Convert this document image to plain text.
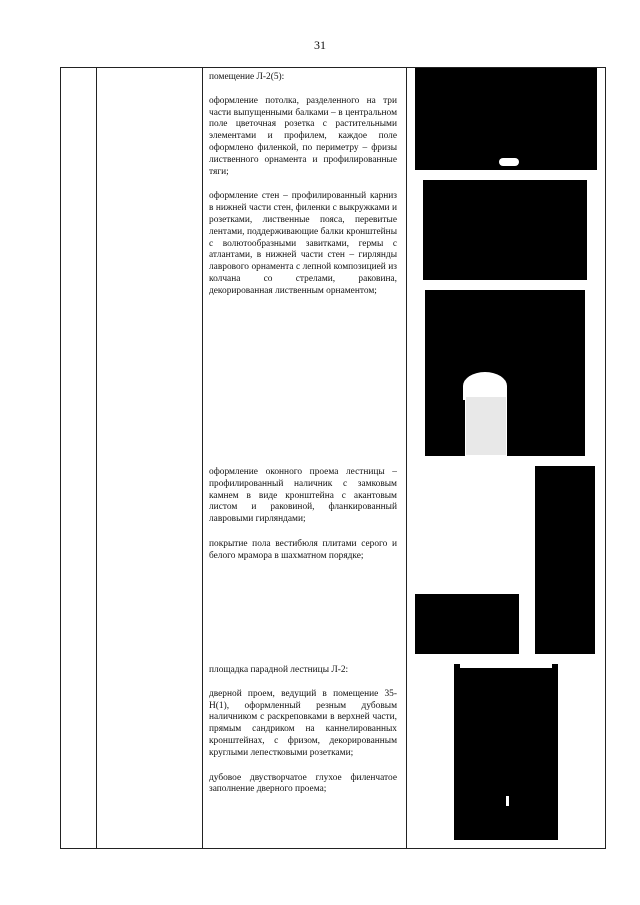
31

помещение Л-2(5):

оформление потолка, разделенного на три части выпущенными балками – в центральном поле цветочная розетка с растительными элементами и профилем, каждое поле оформлено филенкой, по периметру – фризы лиственного орнамента и профилированные тяги;

оформление стен – профилированный карниз в нижней части стен, филенки с выкружками и розетками, лиственные пояса, перевитые лентами, поддерживающие балки кронштейны с волютообразными завитками, гермы с атлантами, в нижней части стен – гирлянды лаврового орнамента с лепной композицией из колчана со стрелами, раковина, декорированная лиственным орнаментом;

оформление оконного проема лестницы – профилированный наличник с замковым камнем в виде кронштейна с акантовым листом и раковиной, фланкированный лавровыми гирляндами;

покрытие пола вестибюля плитами серого и белого мрамора в шахматном порядке;

площадка парадной лестницы Л-2:

дверной проем, ведущий в помещение 35-Н(1), оформленный резным дубовым наличником с раскреповками в верхней части, прямым сандриком на каннелированных кронштейнах, с фризом, декорированным круглыми лепестковыми розетками;

дубовое двустворчатое глухое филенчатое заполнение дверного проема;
